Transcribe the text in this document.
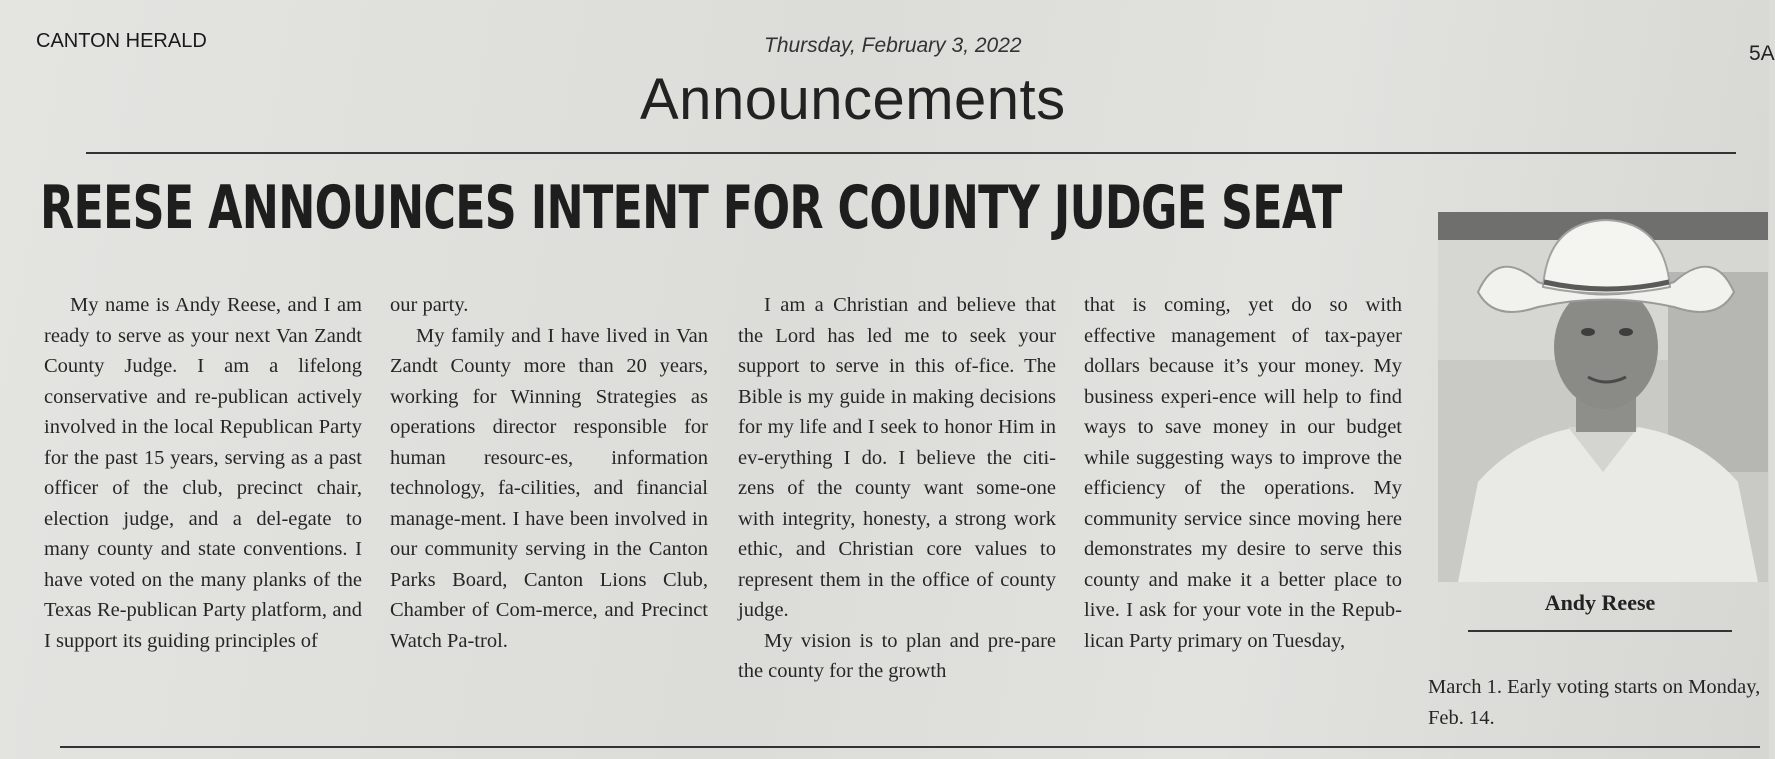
CANTON HERALD	Thursday, February 3, 2022	5A
Announcements
REESE ANNOUNCES INTENT FOR COUNTY JUDGE SEAT

My name is Andy Reese, and I am ready to serve as your next Van Zandt County Judge. I am a lifelong conservative and re-publican actively involved in the local Republican Party for the past 15 years, serving as a past officer of the club, precinct chair, election judge, and a del-egate to many county and state conventions. I have voted on the many planks of the Texas Re-publican Party platform, and I support its guiding principles of

our party.

My family and I have lived in Van Zandt County more than 20 years, working for Winning Strategies as operations director responsible for human resourc-es, information technology, fa-cilities, and financial manage-ment. I have been involved in our community serving in the Canton Parks Board, Canton Lions Club, Chamber of Com-merce, and Precinct Watch Pa-trol.

I am a Christian and believe that the Lord has led me to seek your support to serve in this of-fice. The Bible is my guide in making decisions for my life and I seek to honor Him in ev-erything I do. I believe the citi-zens of the county want some-one with integrity, honesty, a strong work ethic, and Christian core values to represent them in the office of county judge.

My vision is to plan and pre-pare the county for the growth

that is coming, yet do so with effective management of tax-payer dollars because it’s your money. My business experi-ence will help to find ways to save money in our budget while suggesting ways to improve the efficiency of the operations. My community service since moving here demonstrates my desire to serve this county and make it a better place to live. I ask for your vote in the Repub-lican Party primary on Tuesday,

Andy Reese
March 1. Early voting starts on Monday, Feb. 14.
